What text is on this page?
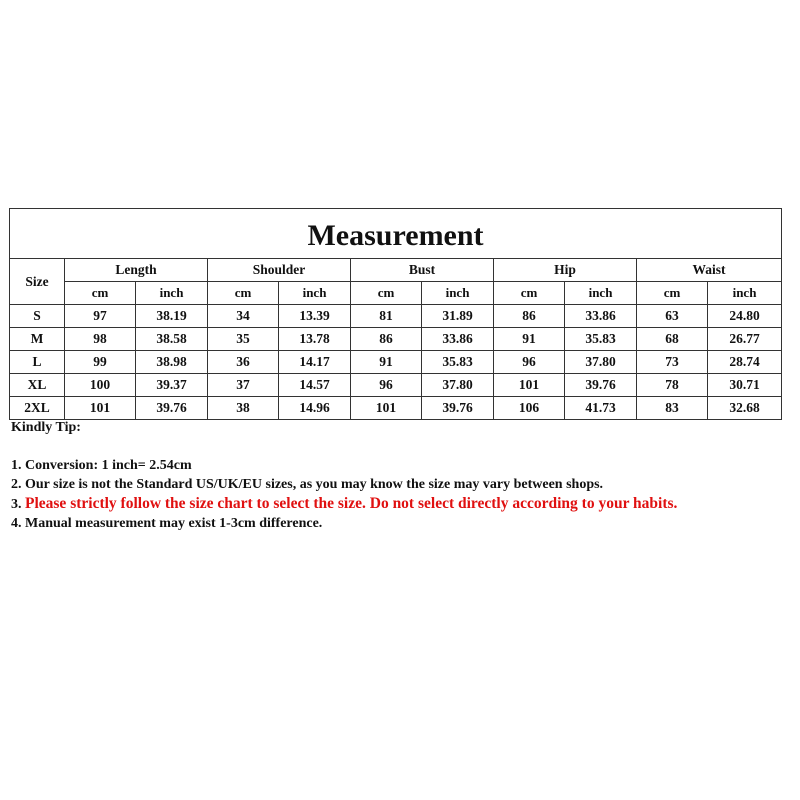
Measurement										
Size	Length		Shoulder		Bust		Hip		Waist	
	cm	inch	cm	inch	cm	inch	cm	inch	cm	inch
S	97	38.19	34	13.39	81	31.89	86	33.86	63	24.80
M	98	38.58	35	13.78	86	33.86	91	35.83	68	26.77
L	99	38.98	36	14.17	91	35.83	96	37.80	73	28.74
XL	100	39.37	37	14.57	96	37.80	101	39.76	78	30.71
2XL	101	39.76	38	14.96	101	39.76	106	41.73	83	32.68

Kindly Tip:

1. Conversion: 1 inch= 2.54cm

2. Our size is not the Standard US/UK/EU sizes, as you may know the size may vary between shops.

3. Please strictly follow the size chart to select the size. Do not select directly according to your habits.

4. Manual measurement may exist 1-3cm difference.
